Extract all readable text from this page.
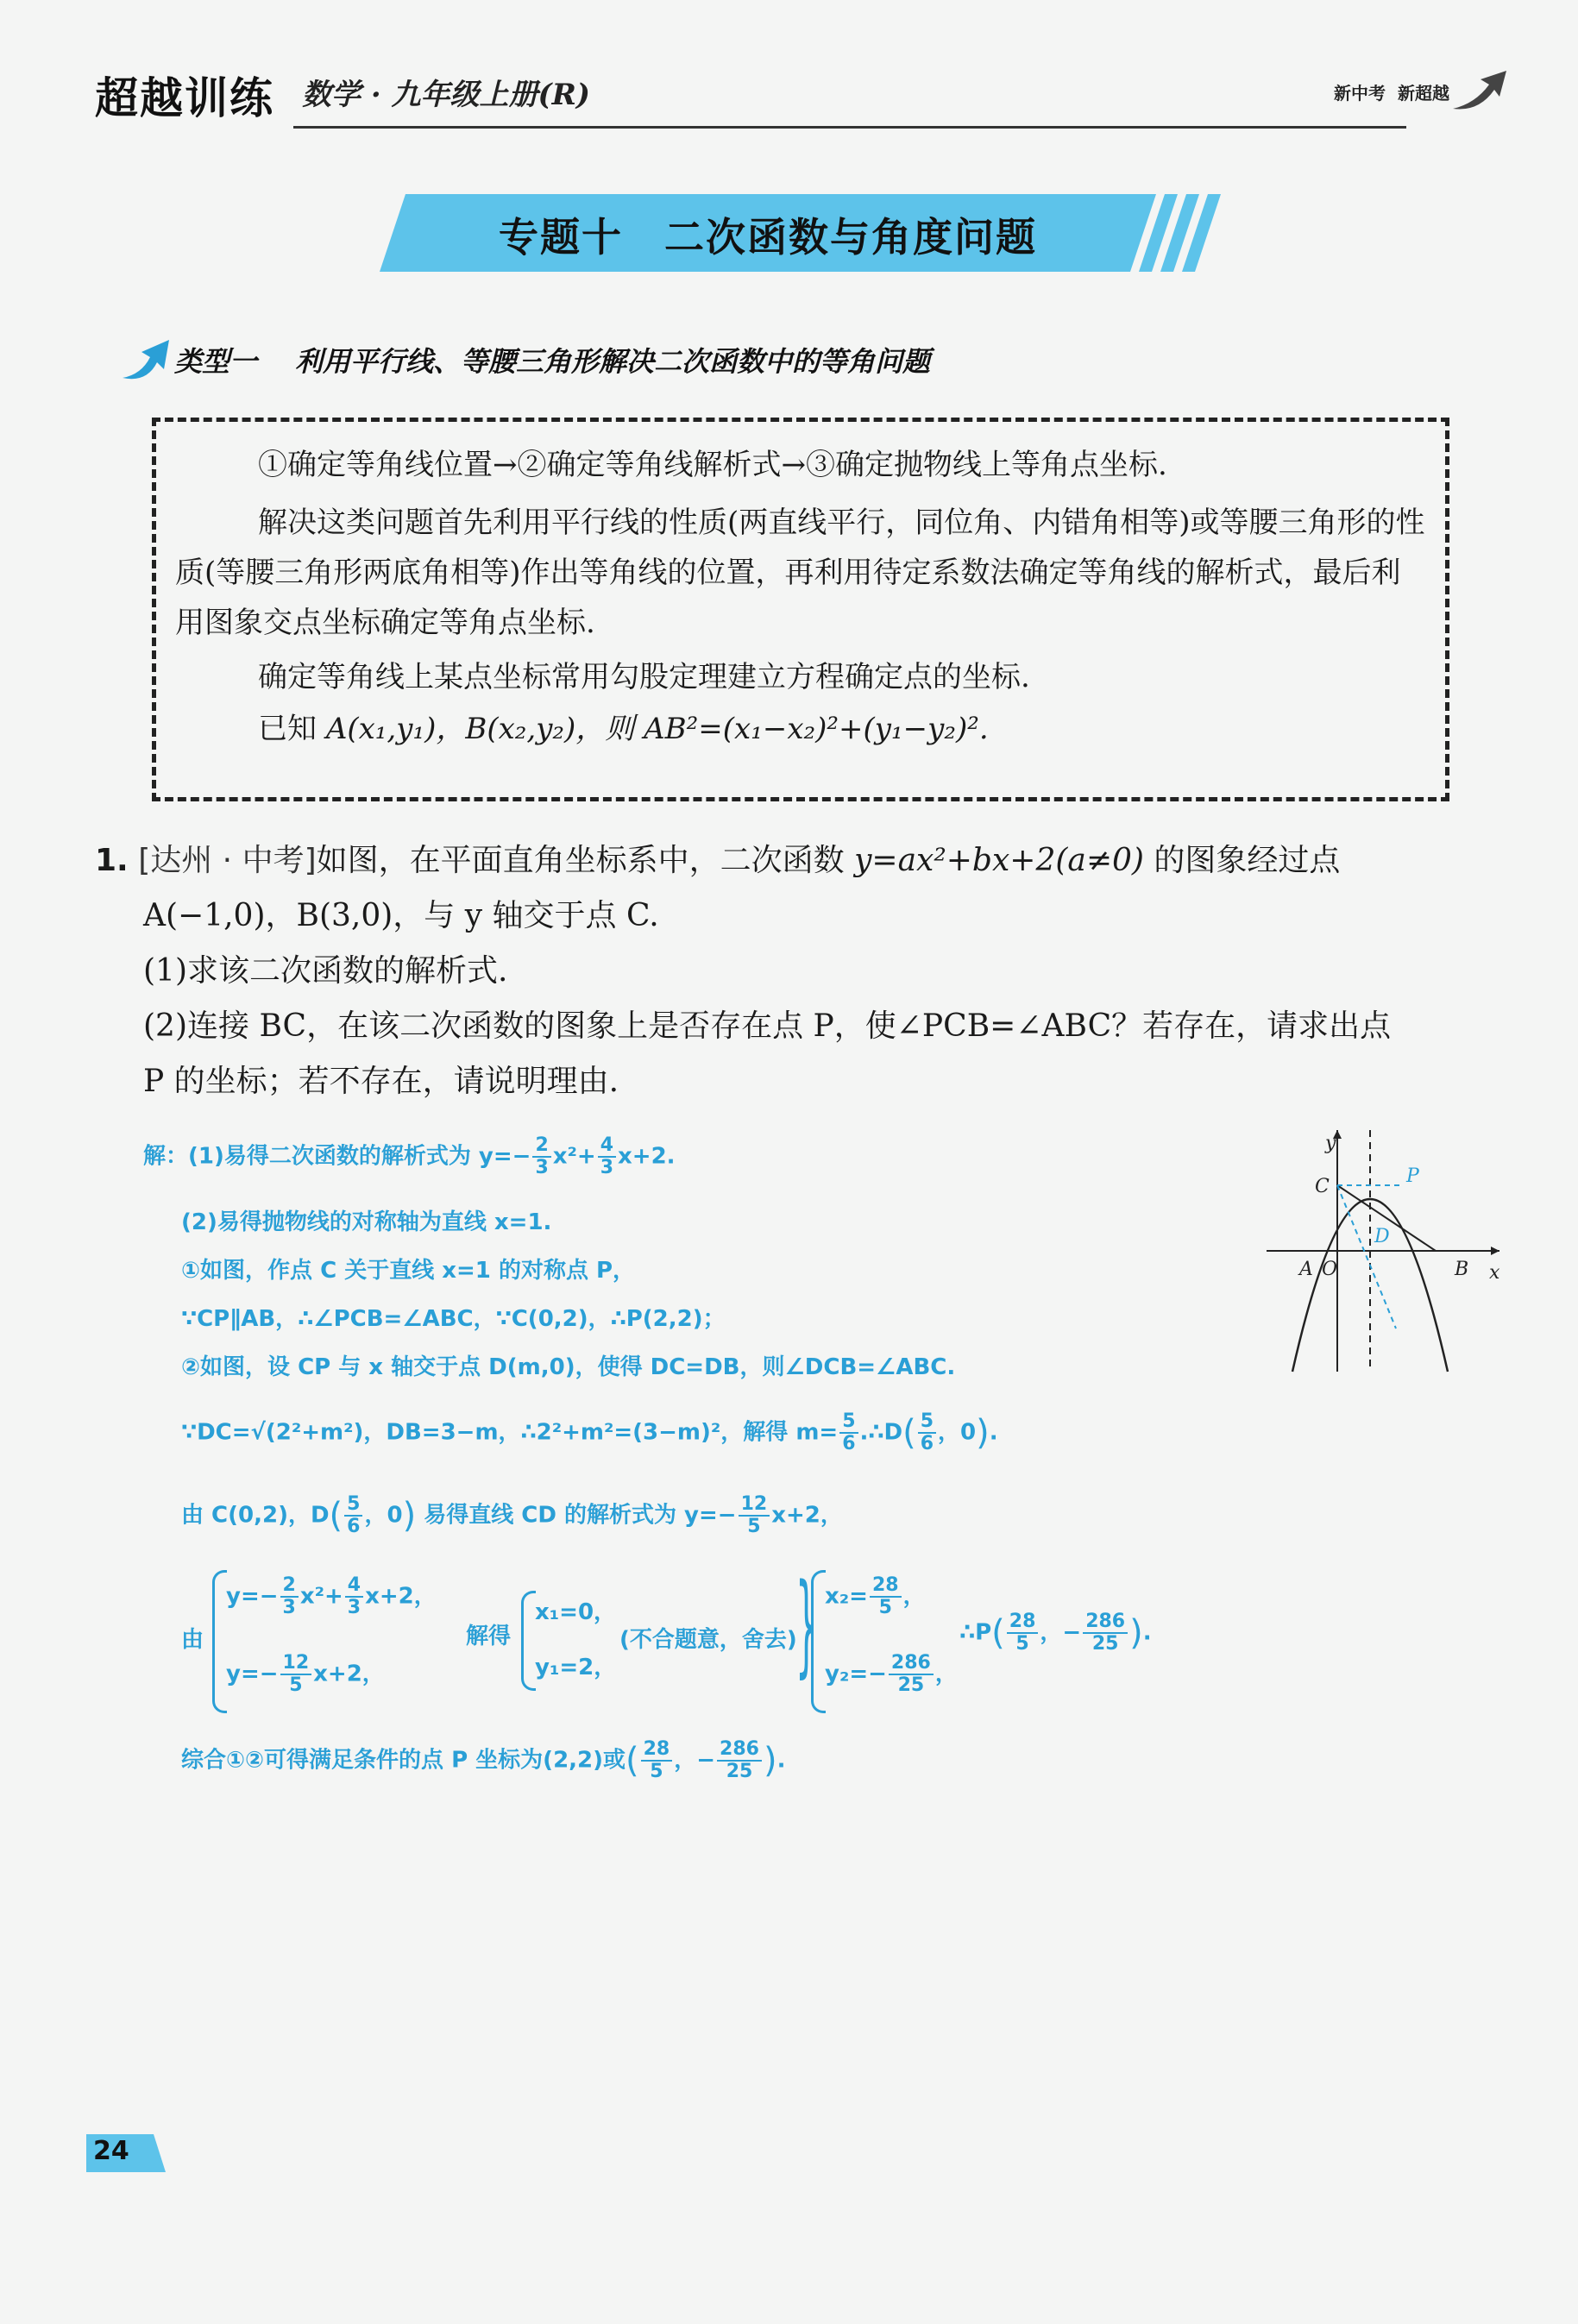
超越训练 数学 · 九年级上册(R)	新中考 新超越
专题十　二次函数与角度问题
类型一 利用平行线、等腰三角形解决二次函数中的等角问题

①确定等角线位置→②确定等角线解析式→③确定抛物线上等角点坐标.

解决这类问题首先利用平行线的性质(两直线平行，同位角、内错角相等)或等腰三角形的性质(等腰三角形两底角相等)作出等角线的位置，再利用待定系数法确定等角线的解析式，最后利用图象交点坐标确定等角点坐标.

确定等角线上某点坐标常用勾股定理建立方程确定点的坐标.

已知 A(x₁,y₁)，B(x₂,y₂)，则 AB²=(x₁−x₂)²+(y₁−y₂)².

1. [达州 · 中考]如图，在平面直角坐标系中，二次函数 y=ax²+bx+2(a≠0) 的图象经过点

A(−1,0)，B(3,0)，与 y 轴交于点 C.

(1)求该二次函数的解析式.

(2)连接 BC，在该二次函数的图象上是否存在点 P，使∠PCB=∠ABC？若存在，请求出点

P 的坐标；若不存在，请说明理由.

解：(1)易得二次函数的解析式为 $y=- \frac{2}{3} x^2+ \frac{4}{3} x+2$.

(2)易得抛物线的对称轴为直线 x=1.

①如图，作点 C 关于直线 x=1 的对称点 P，

∵CP∥AB，∴∠PCB=∠ABC，∵C(0,2)，∴P(2,2)；

②如图，设 CP 与 x 轴交于点 D(m,0)，使得 DC=DB，则∠DCB=∠ABC.

∵DC=√(2²+m²)，DB=3−m，∴2²+m²=(3−m)²，解得 $m= \frac{5}{6}$ .∴D( $\frac{5}{6}$ ，0).

由 C(0,2)，$D( \frac{5}{6}$ ，0) 易得直线 CD 的解析式为 $y=- \frac{12}{5} x+2$，

由
$y=- \frac{2}{3} x^2+ \frac{4}{3} x+2$，
$y=- \frac{12}{5} x+2$，
解得
x₁=0，
y₁=2，
(不合题意，舍去)
} $x_2= \frac{28}{5}$ ，
$y_2=- \frac{286}{25}$ ，
∴P( $\frac{28}{5}$ ，− $\frac{286}{25}$ ).

综合①②可得满足条件的点 P 坐标为(2,2)或( $\frac{28}{5}$ ，− $\frac{286}{25}$ ).

y
x
C	P
D
A O	B
24
